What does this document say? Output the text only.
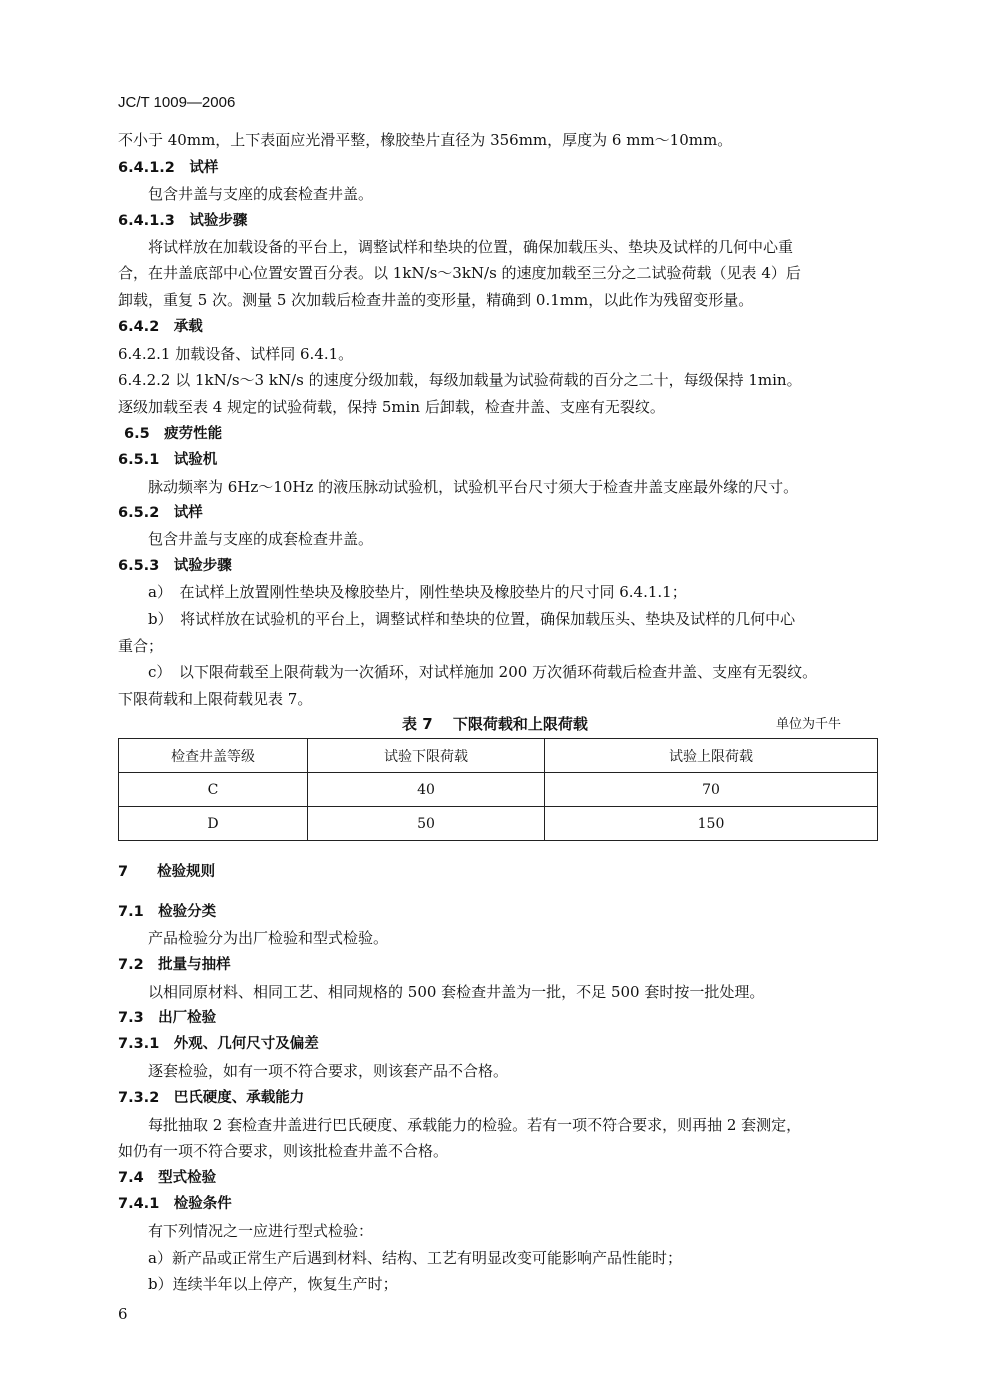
JC/T 1009—2006
不小于 40mm，上下表面应光滑平整，橡胶垫片直径为 356mm，厚度为 6 mm～10mm。
6.4.1.2　试样
包含井盖与支座的成套检查井盖。
6.4.1.3　试验步骤
将试样放在加载设备的平台上，调整试样和垫块的位置，确保加载压头、垫块及试样的几何中心重
合，在井盖底部中心位置安置百分表。以 1kN/s～3kN/s 的速度加载至三分之二试验荷载（见表 4）后
卸载，重复 5 次。测量 5 次加载后检查井盖的变形量，精确到 0.1mm，以此作为残留变形量。
6.4.2　承载
6.4.2.1 加载设备、试样同 6.4.1。
6.4.2.2 以 1kN/s～3 kN/s 的速度分级加载，每级加载量为试验荷载的百分之二十，每级保持 1min。
逐级加载至表 4 规定的试验荷载，保持 5min 后卸载，检查井盖、支座有无裂纹。
6.5　疲劳性能
6.5.1　试验机
脉动频率为 6Hz～10Hz 的液压脉动试验机，试验机平台尺寸须大于检查井盖支座最外缘的尺寸。
6.5.2　试样
包含井盖与支座的成套检查井盖。
6.5.3　试验步骤
a）　在试样上放置刚性垫块及橡胶垫片，刚性垫块及橡胶垫片的尺寸同 6.4.1.1；
b）　将试样放在试验机的平台上，调整试样和垫块的位置，确保加载压头、垫块及试样的几何中心
重合；
c）　以下限荷载至上限荷载为一次循环，对试样施加 200 万次循环荷载后检查井盖、支座有无裂纹。
下限荷载和上限荷载见表 7。
表 7　 下限荷载和上限荷载	单位为千牛
检查井盖等级	试验下限荷载	试验上限荷载
C	40	70
D	50	150
7　　检验规则
7.1　检验分类
产品检验分为出厂检验和型式检验。
7.2　批量与抽样
以相同原材料、相同工艺、相同规格的 500 套检查井盖为一批，不足 500 套时按一批处理。
7.3　出厂检验
7.3.1　外观、几何尺寸及偏差
逐套检验，如有一项不符合要求，则该套产品不合格。
7.3.2　巴氏硬度、承载能力
每批抽取 2 套检查井盖进行巴氏硬度、承载能力的检验。若有一项不符合要求，则再抽 2 套测定，
如仍有一项不符合要求，则该批检查井盖不合格。
7.4　型式检验
7.4.1　检验条件
有下列情况之一应进行型式检验：
a）新产品或正常生产后遇到材料、结构、工艺有明显改变可能影响产品性能时；
b）连续半年以上停产，恢复生产时；
6
